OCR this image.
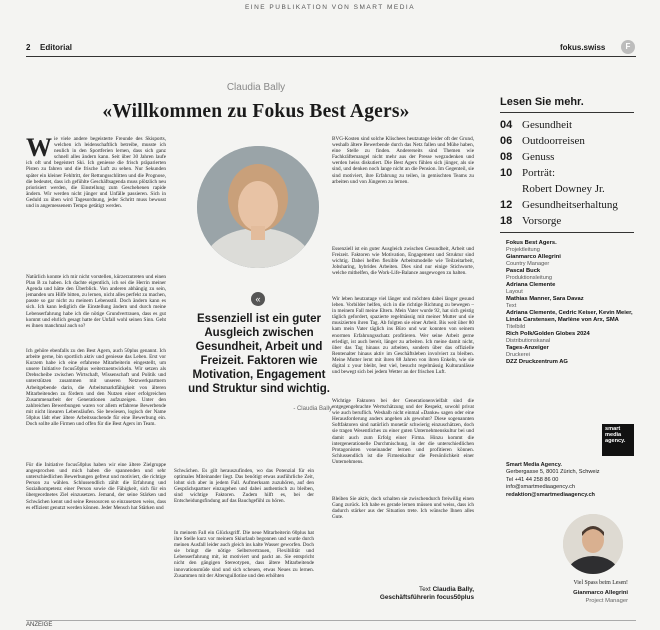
EINE PUBLIKATION VON SMART MEDIA
2 Editorial	fokus.swiss	F
Claudia Bally
«Willkommen zu Fokus Best Agers»
W ie viele andere begeisterte Freunde des Skisports, welchen ich leidenschaftlich betreibe, musste ich neulich in den Sportferien lernen, dass sich ganz schnell alles ändern kann. Seit über 30 Jahren laufe ich oft und begeistert Ski. Ich geniesse die frisch präparierten Pisten zu fahren und die frische Luft zu sehen. Nur Sekunden später ein kleiner Fehltritt, der Rettungsschlitten und die Prognose, die bedeutet, dass ich gefühlte Geschäftsagenda muss plötzlich neu priorisiert werden, die Einstellung zum Geschehenen rapide ändern. Wir werden nicht jünger und Unfälle passieren. Sich in Geduld zu üben wird Tagesordnung, jeder Schritt muss bewusst und in angemessenem Tempo getätigt werden.
Natürlich konnte ich mir nicht vorstellen, kürzerzutreten und einen Plan B zu haben. Ich dachte eigentlich, ich sei die Herrin meiner Agenda und hätte den Überblick. Von anderen abhängig zu sein, jemanden um Hilfe bitten, zu lernen, nicht alles perfekt zu machen, passte so gar nicht zu meinem Lebensstil. Doch ändern kann es sich. Ich kann lediglich die Einstellung ändern und durch meine Lebenserfahrung habe ich die nötige Grundvertrauen, dass es gut kommt und ehrlich gesagt hatte der Unfall wohl seinen Sinn. Geht es ihnen manchmal auch so?
Ich gehöre ebenfalls zu den Best Agern, auch 50plus genannt. Ich arbeite gerne, bin sportlich aktiv und geniesse das Leben. Erst vor Kurzem habe ich eine erfahrene Mitarbeiterin eingestellt, um unsere Initiative focus50plus weiterzuentwickeln. Wir setzen als Drehscheibe zwischen Wirtschaft, Wissenschaft und Politik und unterstützen zusammen mit unseren Netzwerkpartnern Arbeitgebende darin, die Arbeitsmarktfähigkeit von älteren Mitarbeitenden zu fördern und den Nutzen einer erfolgreichen Zusammenarbeit der Generationen aufzuzeigen. Unter den zahlreichen Bewerbungen waren vor allem erfahrene Bewerbende mit nicht linearen Lebensläufen. Sie bewiesen, logisch der Name 50plus lädt eher ältere Arbeitssuchende für eine Bewerbung ein. Doch sollte alle Firmen und offen für die Best Agers im Team.
Für die Initiative focus50plus haben wir eine ältere Zielgruppe angesprochen und mich haben die spannenden und sehr unterschiedlichen Bewerbungen gefreut und motiviert, die richtige Person zu wählen. Schlussendlich zählt die Erfahrung und Sozialkompetenz einer Person sowie die Fähigkeit, sich für ein übergeordnetes Ziel einzusetzen. Jemand, der seine Stärken und Schwächen kennt und seine Ressourcen so einzusetzen weiss, dass es effizient genutzt werden können. Jeder Mensch hat Stärken und
«
Essenziell ist ein guter Ausgleich zwischen Gesundheit, Arbeit und Freizeit. Faktoren wie Motivation, Engagement und Struktur sind wichtig.
- Claudia Bally
Schwächen. Es gilt herauszufinden, wo das Potenzial für ein optimales Miteinander liegt. Das benötigt etwas ausführliche Zeit, lohnt sich aber in jedem Fall. Aufmerksam zuzuhören, auf den Gesprächspartner einzugehen und dabei authentisch zu bleiben, sind wichtige Faktoren. Zudem hilft es, bei der Entscheidungsfindung auf das Bauchgefühl zu hören.
In meinem Fall ein Glücksgriff. Die neue Mitarbeiterin 60plus hat ihre Stelle kurz vor meinem Skiurlaub begonnen und wurde durch meinen Ausfall leider auch gleich ins kalte Wasser geworfen. Doch sie bringt die nötige Selbstvertrauen, Flexibilität und Lebenserfahrung mit, ist motiviert und packt an. Sie entspricht nicht den gängigen Stereotypen, dass ältere Mitarbeitende innovationsmüde sind und sich scheuen, etwas Neues zu lernen. Zusammen mit der Altersguillotine und den erhöhten
BVG-Kosten sind solche Klischees heutzutage leider oft der Grund, weshalb ältere Bewerbende durch das Netz fallen und Mühe haben, eine Stelle zu finden. Andererseits sind Themen wie Fachkräftemangel nicht mehr aus der Presse wegzudenken und werden heiss diskutiert. Die Best Agers fühlen sich jünger, als sie sind, und denken noch lange nicht an die Pension. Im Gegenteil, sie sind motiviert, ihre Erfahrung zu teilen, in gemischten Teams zu arbeiten und von Jüngeren zu lernen.
Essenziell ist ein guter Ausgleich zwischen Gesundheit, Arbeit und Freizeit. Faktoren wie Motivation, Engagement und Struktur sind wichtig. Dabei helfen flexible Arbeitsmodelle wie Teilzeitarbeit, Jobsharing, hybrides Arbeiten. Dies sind nur einige Stichworte, welche mithelfen, die Work-Life-Balance ausgewogen zu halten.
Wir leben heutzutage viel länger und möchten dabei länger gesund leben. Vorbilder helfen, sich in die richtige Richtung zu bewegen – in meinem Fall meine Eltern. Mein Vater wurde 92, hat sich geistig täglich gefordert, spazierte regelmässig mit meiner Mutter und sie musizierten ihren Tag. Ab folgten sie einer Arbeit. Bis weit über 80 kam mein Vater täglich ins Büro und war konnten von seinem enormen Erfahrungsschatz profitieren. Wer seine Arbeit gerne erledigt, ist auch bereit, länger zu arbeiten. Ich meine damit nicht, über das Tag hinaus zu arbeiten, sondern über das offizielle Rentenalter hinaus aktiv im Geschäftsleben involviert zu bleiben. Meine Mutter lernt mit ihren 88 Jahren von ihren Enkeln, wie sie digital z your bleibt, lest viel, besucht regelmässig Kulturanlässe und bewegt sich bei jedem Wetter an der frischen Luft.
Wichtige Faktoren bei der Generationenvielfalt sind die entgegengebrachte Wertschätzung und der Respekt, sowohl privat wie auch beruflich. Weshalb nicht einmal «Danke» sagen oder eine Herausforderung anders angehen als gewohnt? Diese sogenannten Softfaktoren sind natürlich monetär schwierig einzuschätzen, doch sie tragen Wesentliches zu einer guten Unternehmenskultur bei und damit auch zum Erfolg einer Firma. Hinzu kommt die intergenerationelle Durchmischung, in der die unterschiedlichen Protagonisten voneinander lernen und profitieren können. Schlussendlich ist die Firmenkultur die Persönlichkeit einer Unternehmens.
Bleiben Sie aktiv, doch schalten sie zwischendurch freiwillig einen Gang zurück. Ich habe es gerade lernen müssen und weiss, dass ich dadurch stärker aus der Situation trete. Ich wünsche Ihnen alles Gute.
Text Claudia Bally,
Geschäftsführerin focus50plus
Lesen Sie mehr.
04 Gesundheit
06 Outdoorreisen
08 Genuss
10 Porträt:
Robert Downey Jr.
12 Gesundheitserhaltung
18 Vorsorge
Fokus Best Agers.
Projektleitung
Gianmarco Allegrini
Country Manager
Pascal Buck
Produktionsleitung
Adriana Clemente
Layout
Mathias Manner, Sara Davaz
Text
Adriana Clemente, Cedric Keiser, Kevin Meier, Linda Carstensen, Marlène von Arx, SMA
Titelbild
Rich Polk/Golden Globes 2024
Distributionskanal
Tages-Anzeiger
Druckerei
DZZ Druckzentrum AG
smart
media
agency.
Smart Media Agency.
Gerbergasse 5, 8001 Zürich, Schweiz
Tel +41 44 258 86 00
info@smartmediaagency.ch
redaktion@smartmediaagency.ch
Viel Spass beim Lesen!
Gianmarco Allegrini
Project Manager
ANZEIGE
